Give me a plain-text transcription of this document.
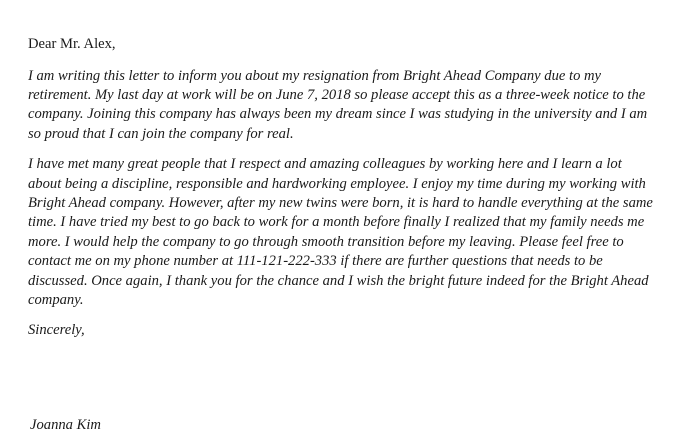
Dear Mr. Alex,

I am writing this letter to inform you about my resignation from Bright Ahead Company due to my retirement. My last day at work will be on June 7, 2018 so please accept this as a three-week notice to the company. Joining this company has always been my dream since I was studying in the university and I am so proud that I can join the company for real.

I have met many great people that I respect and amazing colleagues by working here and I learn a lot about being a discipline, responsible and hardworking employee. I enjoy my time during my working with Bright Ahead company. However, after my new twins were born, it is hard to handle everything at the same time. I have tried my best to go back to work for a month before finally I realized that my family needs me more. I would help the company to go through smooth transition before my leaving. Please feel free to contact me on my phone number at 111-121-222-333 if there are further questions that needs to be discussed. Once again, I thank you for the chance and I wish the bright future indeed for the Bright Ahead company.

Sincerely,

Joanna Kim
